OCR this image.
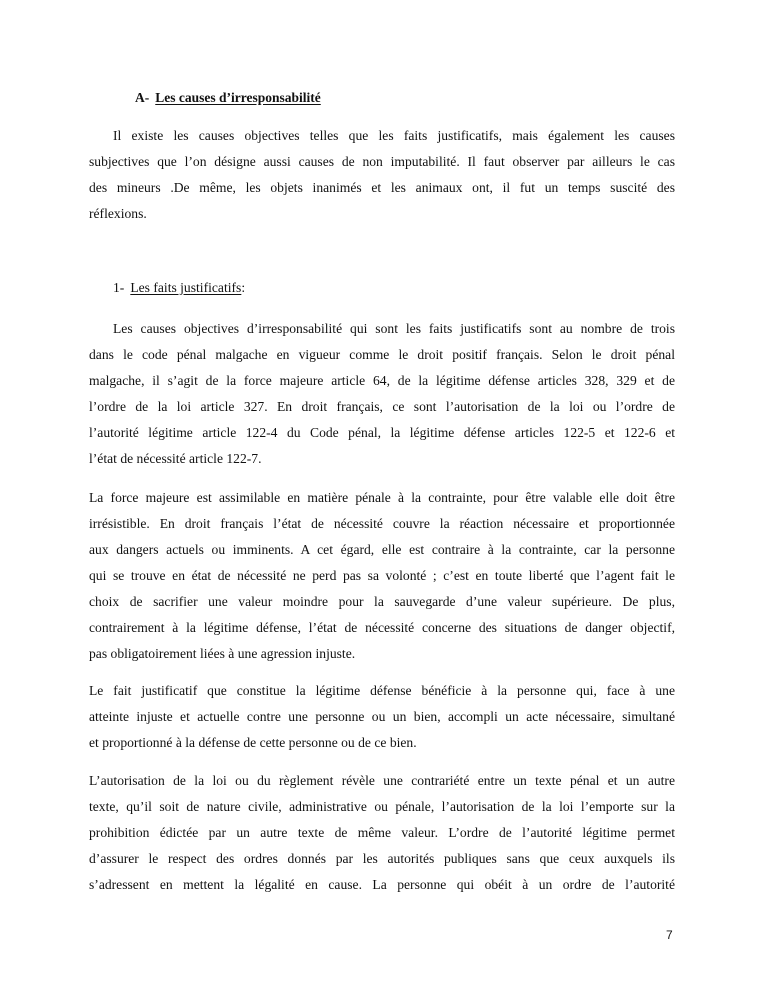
A- Les causes d’irresponsabilité
Il existe les causes objectives telles que les faits justificatifs, mais également les causes
subjectives que l’on désigne aussi causes de non imputabilité. Il faut observer par ailleurs le cas
des mineurs .De même, les objets inanimés et les animaux ont, il fut un temps suscité des
réflexions.
1- Les faits justificatifs:
Les causes objectives d’irresponsabilité qui sont les faits justificatifs sont au nombre de trois
dans le code pénal malgache en vigueur comme le droit positif français. Selon le droit pénal
malgache, il s’agit de la force majeure article 64, de la légitime défense articles 328, 329 et de
l’ordre de la loi article 327. En droit français, ce sont l’autorisation de la loi ou l’ordre de
l’autorité légitime article 122-4 du Code pénal, la légitime défense articles 122-5 et 122-6 et
l’état de nécessité article 122-7.
La force majeure est assimilable en matière pénale à la contrainte, pour être valable elle doit être
irrésistible. En droit français l’état de nécessité couvre la réaction nécessaire et proportionnée
aux dangers actuels ou imminents. A cet égard, elle est contraire à la contrainte, car la personne
qui se trouve en état de nécessité ne perd pas sa volonté ; c’est en toute liberté que l’agent fait le
choix de sacrifier une valeur moindre pour la sauvegarde d’une valeur supérieure. De plus,
contrairement à la légitime défense, l’état de nécessité concerne des situations de danger objectif,
pas obligatoirement liées à une agression injuste.
Le fait justificatif que constitue la légitime défense bénéficie à la personne qui, face à une
atteinte injuste et actuelle contre une personne ou un bien, accompli un acte nécessaire, simultané
et proportionné à la défense de cette personne ou de ce bien.
L’autorisation de la loi ou du règlement révèle une contrariété entre un texte pénal et un autre
texte, qu’il soit de nature civile, administrative ou pénale, l’autorisation de la loi l’emporte sur la
prohibition édictée par un autre texte de même valeur. L’ordre de l’autorité légitime permet
d’assurer le respect des ordres donnés par les autorités publiques sans que ceux auxquels ils
s’adressent en mettent la légalité en cause. La personne qui obéit à un ordre de l’autorité
7
